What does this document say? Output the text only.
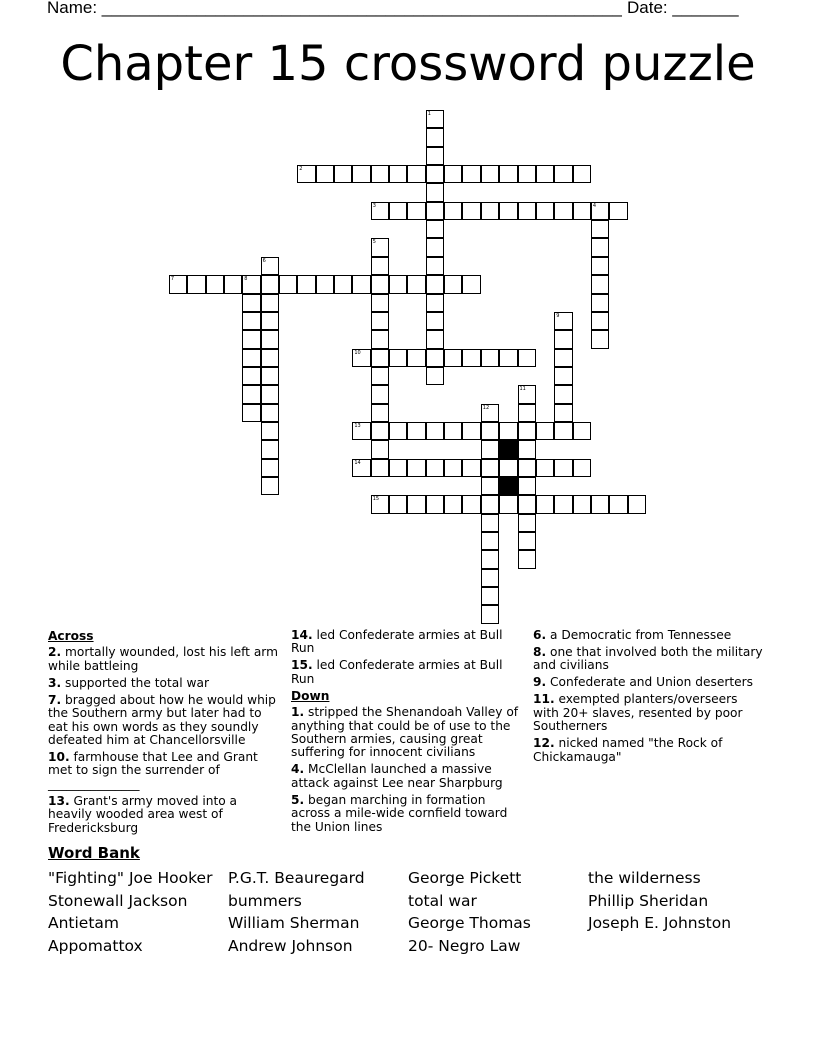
Name: _______________________________________________________ Date: _______
Chapter 15 crossword puzzle
1
2
3	4
5
6
7	8
9
10
11
12
13
14
15
Across
2. mortally wounded, lost his left arm while battleing
3. supported the total war
7. bragged about how he would whip the Southern army but later had to eat his own words as they soundly defeated him at Chancellorsville
10. farmhouse that Lee and Grant met to sign the surrender of _______________
13. Grant's army moved into a heavily wooded area west of Fredericksburg
14. led Confederate armies at Bull Run
15. led Confederate armies at Bull Run
Down
1. stripped the Shenandoah Valley of anything that could be of use to the Southern armies, causing great suffering for innocent civilians
4. McClellan launched a massive attack against Lee near Sharpburg
5. began marching in formation across a mile-wide cornfield toward the Union lines
6. a Democratic from Tennessee
8. one that involved both the military and civilians
9. Confederate and Union deserters
11. exempted planters/overseers with 20+ slaves, resented by poor Southerners
12. nicked named "the Rock of Chickamauga"
Word Bank
"Fighting" Joe Hooker
Stonewall Jackson
Antietam
Appomattox
P.G.T. Beauregard
bummers
William Sherman
Andrew Johnson
George Pickett
total war
George Thomas
20- Negro Law
the wilderness
Phillip Sheridan
Joseph E. Johnston
